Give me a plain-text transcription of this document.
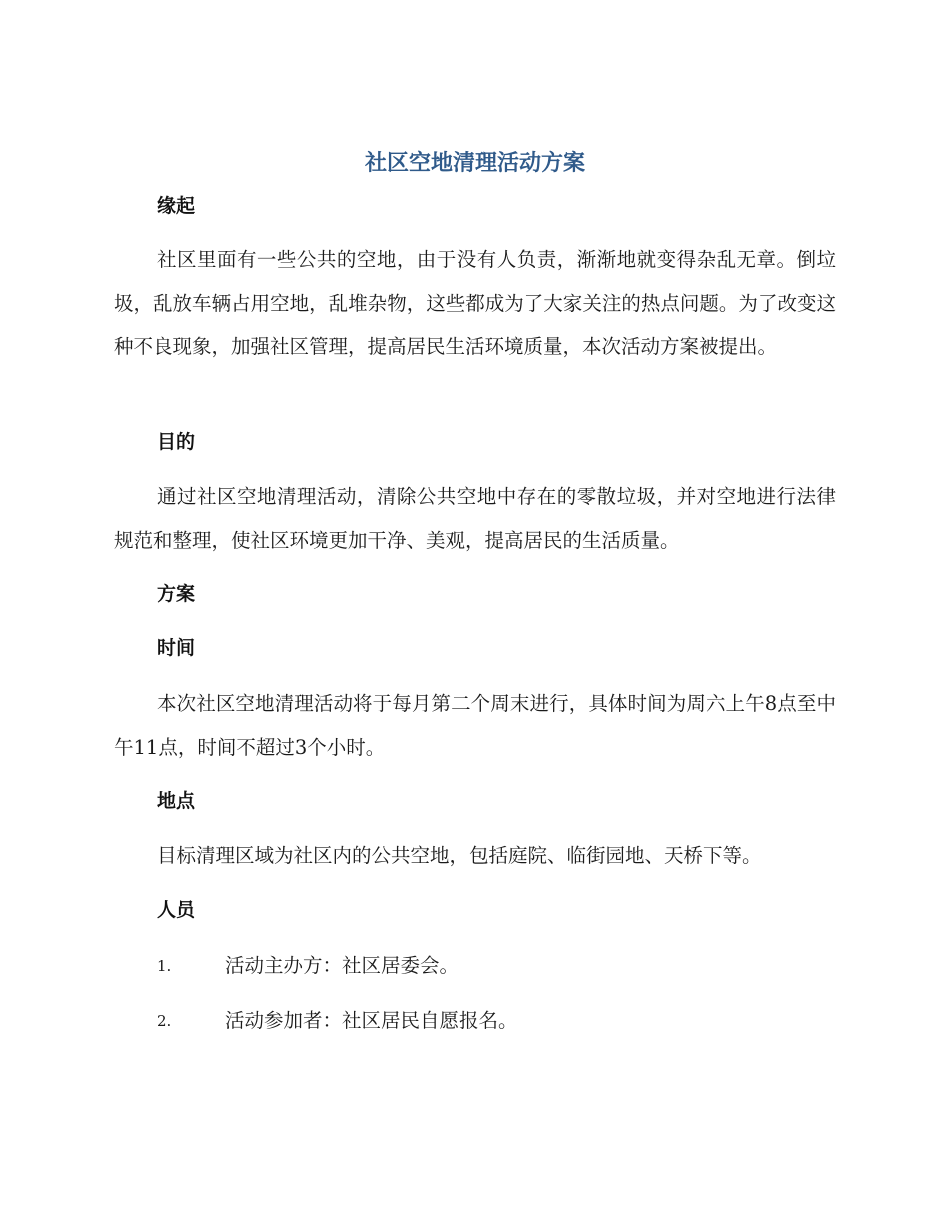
社区空地清理活动方案
缘起
社区里面有一些公共的空地，由于没有人负责，渐渐地就变得杂乱无章。倒垃圾，乱放车辆占用空地，乱堆杂物，这些都成为了大家关注的热点问题。为了改变这种不良现象，加强社区管理，提高居民生活环境质量，本次活动方案被提出。
目的
通过社区空地清理活动，清除公共空地中存在的零散垃圾，并对空地进行法律规范和整理，使社区环境更加干净、美观，提高居民的生活质量。
方案
时间
本次社区空地清理活动将于每月第二个周末进行，具体时间为周六上午8点至中午11点，时间不超过3个小时。
地点
目标清理区域为社区内的公共空地，包括庭院、临街园地、天桥下等。
人员
1.	活动主办方：社区居委会。
2.	活动参加者：社区居民自愿报名。
